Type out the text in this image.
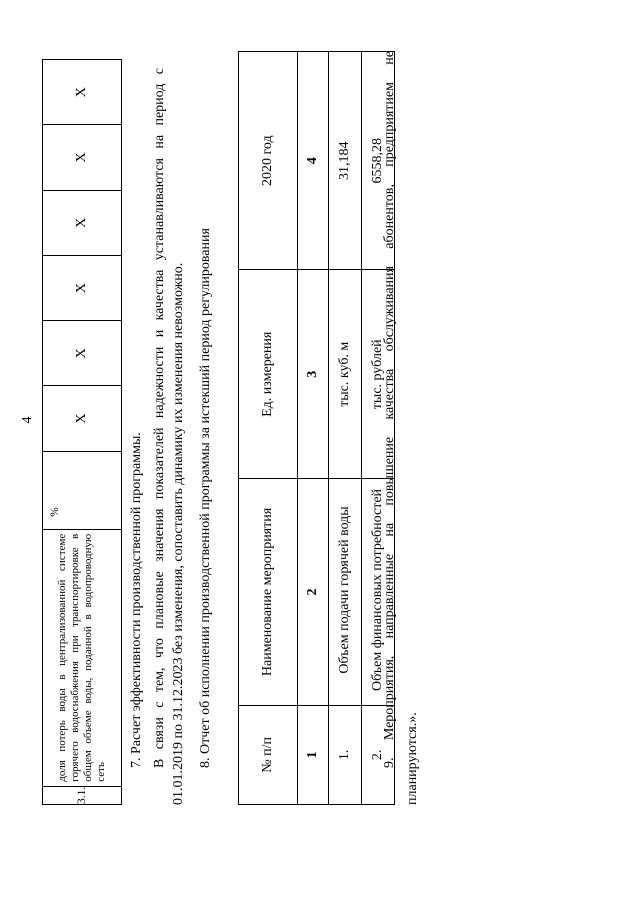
4
3.1.	доля потерь воды в централизованной системе горячего водоснабжения при транспортировке в общем объеме воды, поданной в водопроводную сеть	%	X	X	X	X	X	X
7. Расчет эффективности производственной программы. В связи с тем, что плановые значения показателей надежности и качества устанавливаются на период с 01.01.2019 по 31.12.2023 без изменения, сопоставить динамику их изменения невозможно. 8. Отчет об исполнении производственной программы за истекший период регулирования	№ п/п	Наименование мероприятия	Ед. измерения	2020 год
1	2	3	4
1.	Объем подачи горячей воды	тыс. куб. м	31,184
2.	Объем финансовых потребностей	тыс. рублей	6558,28
9. Мероприятия, направленные на повышение качества обслуживания абонентов, предприятием не планируются.».
